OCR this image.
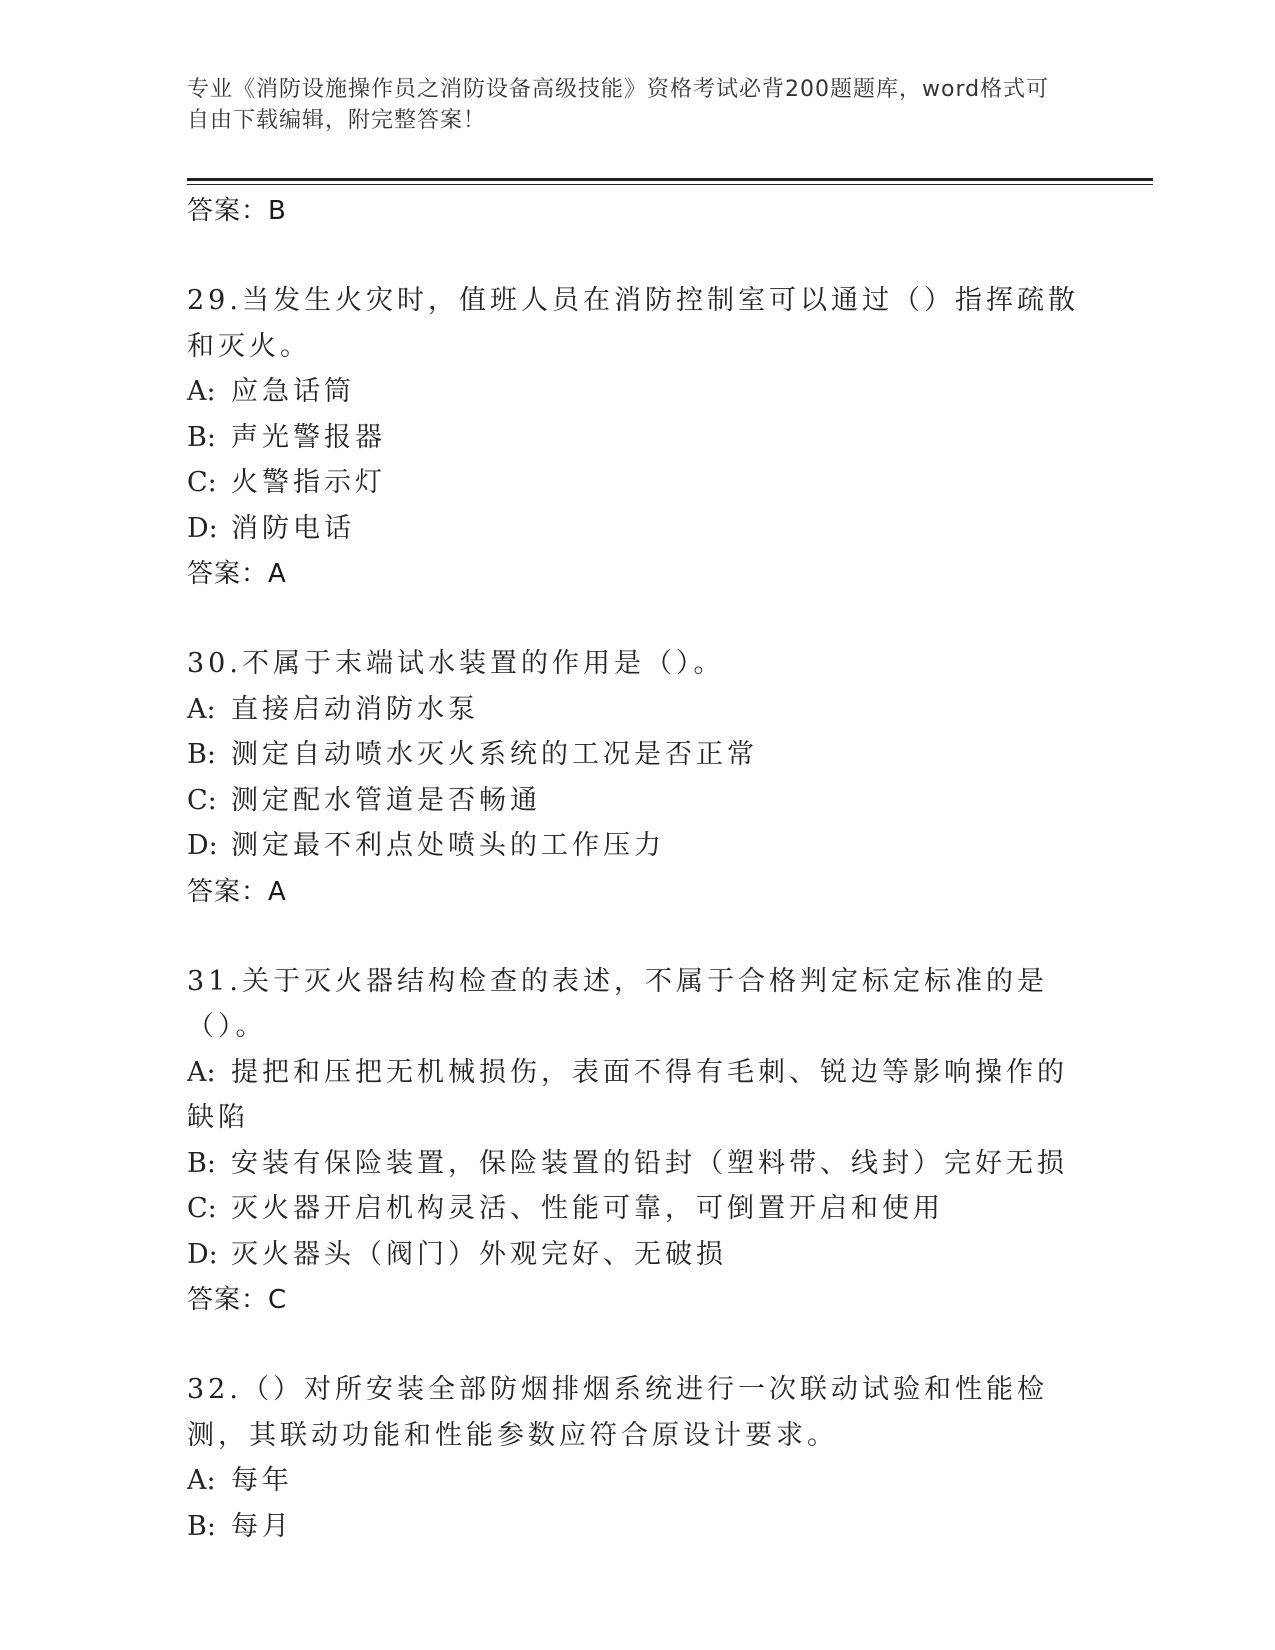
专业《消防设施操作员之消防设备高级技能》资格考试必背200题题库，word格式可自由下载编辑，附完整答案！
答案：B
29.当发生火灾时，值班人员在消防控制室可以通过（）指挥疏散和灭火。
A: 应急话筒
B: 声光警报器
C: 火警指示灯
D: 消防电话
答案：A
30.不属于末端试水装置的作用是（）。
A: 直接启动消防水泵
B: 测定自动喷水灭火系统的工况是否正常
C: 测定配水管道是否畅通
D: 测定最不利点处喷头的工作压力
答案：A
31.关于灭火器结构检查的表述，不属于合格判定标定标准的是（）。
A: 提把和压把无机械损伤，表面不得有毛刺、锐边等影响操作的缺陷
B: 安装有保险装置，保险装置的铅封（塑料带、线封）完好无损
C: 灭火器开启机构灵活、性能可靠，可倒置开启和使用
D: 灭火器头（阀门）外观完好、无破损
答案：C
32.（）对所安装全部防烟排烟系统进行一次联动试验和性能检测，其联动功能和性能参数应符合原设计要求。
A: 每年
B: 每月
